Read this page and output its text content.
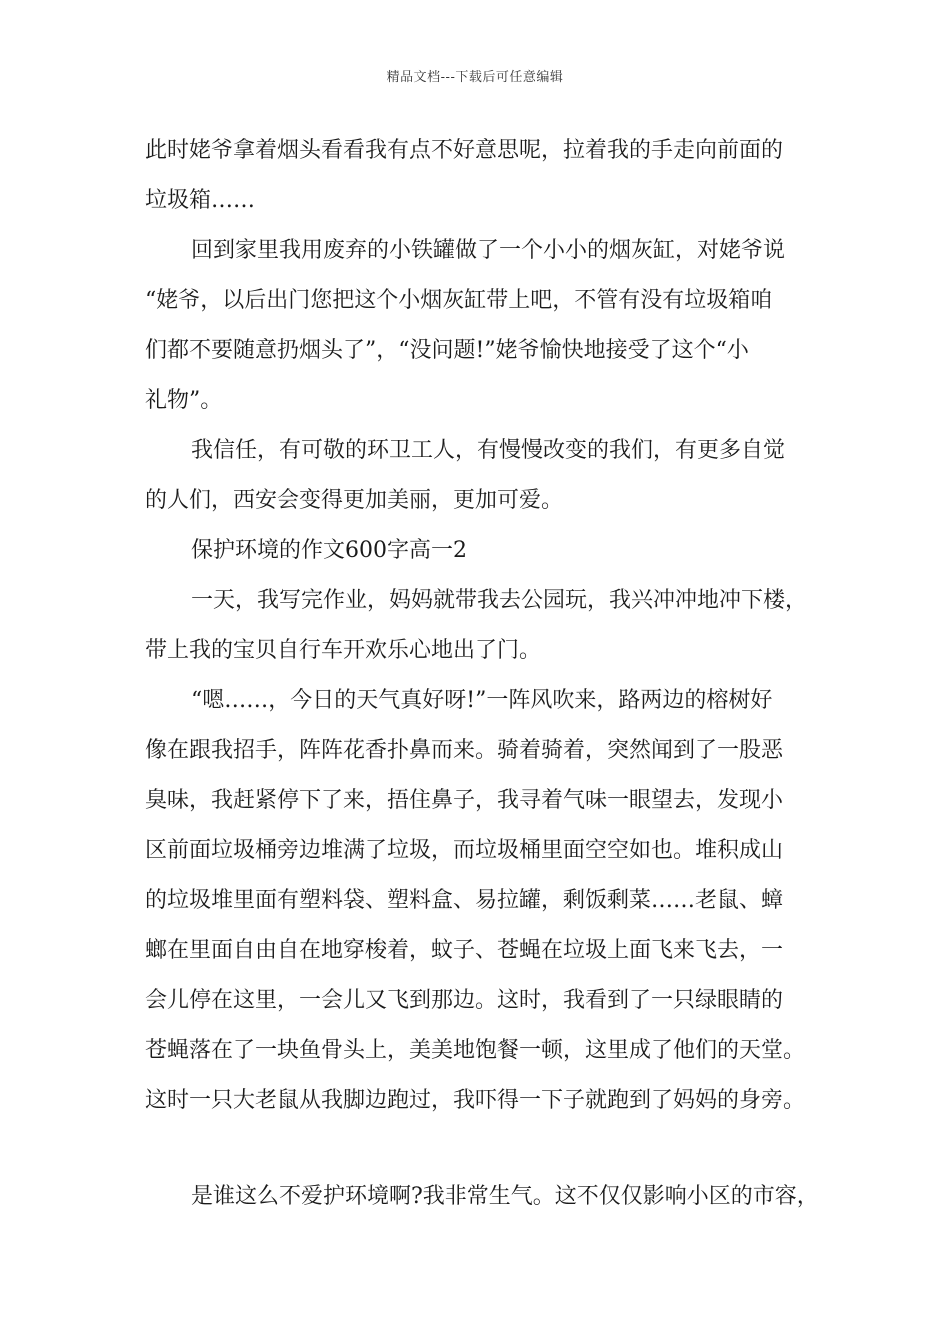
精品文档---下载后可任意编辑
此时姥爷拿着烟头看看我有点不好意思呢，拉着我的手走向前面的
垃圾箱……
回到家里我用废弃的小铁罐做了一个小小的烟灰缸，对姥爷说
“姥爷，以后出门您把这个小烟灰缸带上吧，不管有没有垃圾箱咱
们都不要随意扔烟头了”，“没问题!”姥爷愉快地接受了这个“小
礼物”。
我信任，有可敬的环卫工人，有慢慢改变的我们，有更多自觉
的人们，西安会变得更加美丽，更加可爱。
保护环境的作文600字高一2
一天，我写完作业，妈妈就带我去公园玩，我兴冲冲地冲下楼，
带上我的宝贝自行车开欢乐心地出了门。
“嗯……，今日的天气真好呀!”一阵风吹来，路两边的榕树好
像在跟我招手，阵阵花香扑鼻而来。骑着骑着，突然闻到了一股恶
臭味，我赶紧停下了来，捂住鼻子，我寻着气味一眼望去，发现小
区前面垃圾桶旁边堆满了垃圾，而垃圾桶里面空空如也。堆积成山
的垃圾堆里面有塑料袋、塑料盒、易拉罐，剩饭剩菜……老鼠、蟑
螂在里面自由自在地穿梭着，蚊子、苍蝇在垃圾上面飞来飞去，一
会儿停在这里，一会儿又飞到那边。这时，我看到了一只绿眼睛的
苍蝇落在了一块鱼骨头上，美美地饱餐一顿，这里成了他们的天堂。
这时一只大老鼠从我脚边跑过，我吓得一下子就跑到了妈妈的身旁。
是谁这么不爱护环境啊?我非常生气。这不仅仅影响小区的市容，
